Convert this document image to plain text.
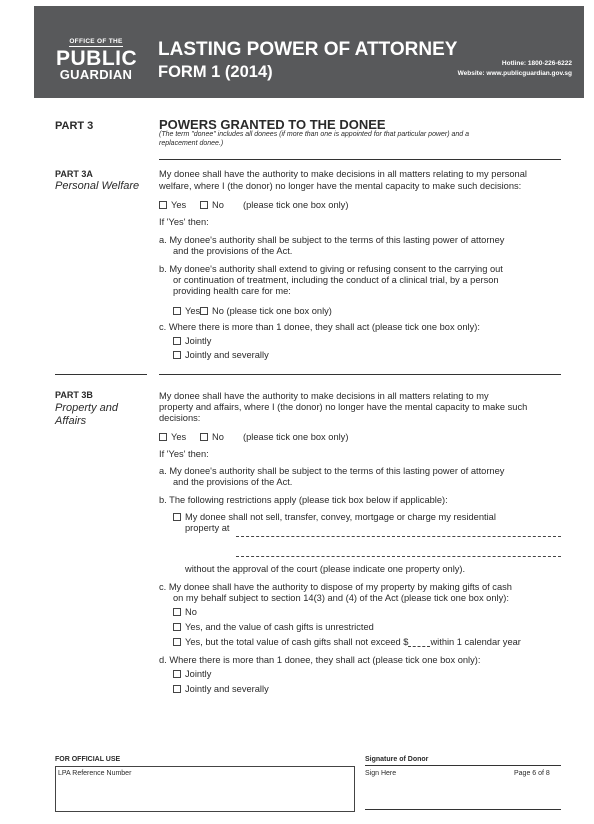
OFFICE OF THE
PUBLIC
GUARDIAN
LASTING POWER OF ATTORNEY
FORM 1 (2014)	Hotline: 1800-226-6222
Website: www.publicguardian.gov.sg
PART 3	POWERS GRANTED TO THE DONEE
(The term "donee" includes all donees (if more than one is appointed for that particular power) and a
replacement donee.)
PART 3A
Personal Welfare
My donee shall have the authority to make decisions in all matters relating to my personal
welfare, where I (the donor) no longer have the mental capacity to make such decisions:
Yes	No (please tick one box only)
If 'Yes' then:
a. My donee's authority shall be subject to the terms of this lasting power of attorney
and the provisions of the Act.
b. My donee's authority shall extend to giving or refusing consent to the carrying out
or continuation of treatment, including the conduct of a clinical trial, by a person
providing health care for me:
Yes	No (please tick one box only)
c. Where there is more than 1 donee, they shall act (please tick one box only):
Jointly
Jointly and severally
PART 3B
Property and
Affairs
My donee shall have the authority to make decisions in all matters relating to my
property and affairs, where I (the donor) no longer have the mental capacity to make such
decisions:
Yes	No (please tick one box only)
If 'Yes' then:
a. My donee's authority shall be subject to the terms of this lasting power of attorney
and the provisions of the Act.
b. The following restrictions apply (please tick box below if applicable):
My donee shall not sell, transfer, convey, mortgage or charge my residential
property at
without the approval of the court (please indicate one property only).
c. My donee shall have the authority to dispose of my property by making gifts of cash
on my behalf subject to section 14(3) and (4) of the Act (please tick one box only):
No
Yes, and the value of cash gifts is unrestricted
Yes, but the total value of cash gifts shall not exceed $ within 1 calendar year
d. Where there is more than 1 donee, they shall act (please tick one box only):
Jointly
Jointly and severally
FOR OFFICIAL USE
LPA Reference Number
Signature of Donor
Sign Here	Page 6 of 8
